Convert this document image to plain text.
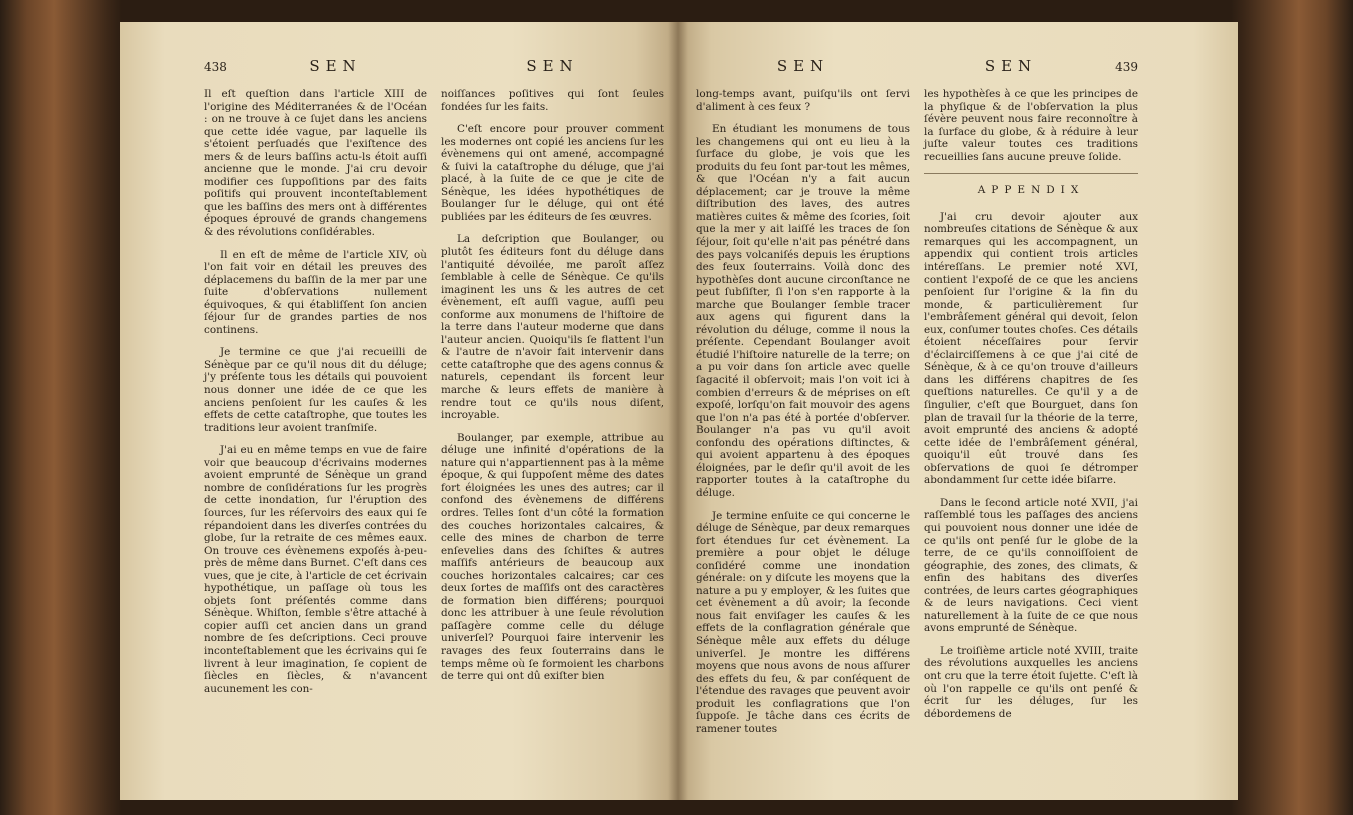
438	SEN

Il eſt queſtion dans l'article XIII de l'origine des Méditerranées & de l'Océan : on ne trouve à ce ſujet dans les anciens que cette idée vague, par laquelle ils s'étoient perſuadés que l'exiſtence des mers & de leurs baſſins actu-ls étoit auſſi ancienne que le monde. J'ai cru devoir modifier ces ſuppoſitions par des faits poſitifs qui prouvent inconteſtablement que les baſſins des mers ont à différentes époques éprouvé de grands changemens & des révolutions conſidérables.

Il en eſt de même de l'article XIV, où l'on fait voir en détail les preuves des déplacemens du baſſin de la mer par une ſuite d'obſervations nullement équivoques, & qui établiſſent ſon ancien ſéjour ſur de grandes parties de nos continens.

Je termine ce que j'ai recueilli de Sénèque par ce qu'il nous dit du déluge; j'y préſente tous les détails qui pouvoient nous donner une idée de ce que les anciens penſoient ſur les cauſes & les effets de cette cataſtrophe, que toutes les traditions leur avoient tranſmiſe.

J'ai eu en même temps en vue de faire voir que beaucoup d'écrivains modernes avoient emprunté de Sénèque un grand nombre de conſidérations ſur les progrès de cette inondation, ſur l'éruption des ſources, ſur les réſervoirs des eaux qui ſe répandoient dans les diverſes contrées du globe, ſur la retraite de ces mêmes eaux. On trouve ces évènemens expoſés à-peu-près de même dans Burnet. C'eſt dans ces vues, que je cite, à l'article de cet écrivain hypothétique, un paſſage où tous les objets ſont préſentés comme dans Sénèque. Whiſton, ſemble s'être attaché à copier auſſi cet ancien dans un grand nombre de ſes deſcriptions. Ceci prouve inconteſtablement que les écrivains qui ſe livrent à leur imagination, ſe copient de ſiècles en ſiècles, & n'avancent aucunement les con-

SEN

noiſſances poſitives qui ſont ſeules fondées ſur les faits.

C'eſt encore pour prouver comment les modernes ont copié les anciens ſur les évènemens qui ont amené, accompagné & ſuivi la cataſtrophe du déluge, que j'ai placé, à la ſuite de ce que je cite de Sénèque, les idées hypothétiques de Boulanger ſur le déluge, qui ont été publiées par les éditeurs de ſes œuvres.

La deſcription que Boulanger, ou plutôt ſes éditeurs font du déluge dans l'antiquité dévoilée, me paroît aſſez ſemblable à celle de Sénèque. Ce qu'ils imaginent les uns & les autres de cet évènement, eſt auſſi vague, auſſi peu conforme aux monumens de l'hiſtoire de la terre dans l'auteur moderne que dans l'auteur ancien. Quoiqu'ils ſe flattent l'un & l'autre de n'avoir fait intervenir dans cette cataſtrophe que des agens connus & naturels, cependant ils forcent leur marche & leurs effets de manière à rendre tout ce qu'ils nous diſent, incroyable.

Boulanger, par exemple, attribue au déluge une infinité d'opérations de la nature qui n'appartiennent pas à la même époque, & qui ſuppoſent même des dates fort éloignées les unes des autres; car il confond des évènemens de différens ordres. Telles ſont d'un côté la formation des couches horizontales calcaires, & celle des mines de charbon de terre enſevelies dans des ſchiſtes & autres maſſifs antérieurs de beaucoup aux couches horizontales calcaires; car ces deux ſortes de maſſifs ont des caractères de formation bien différens; pourquoi donc les attribuer à une ſeule révolution paſſagère comme celle du déluge univerſel? Pourquoi faire intervenir les ravages des feux ſouterrains dans le temps même où ſe formoient les charbons de terre qui ont dû exiſter bien

SEN

long-temps avant, puiſqu'ils ont ſervi d'aliment à ces feux ?

En étudiant les monumens de tous les changemens qui ont eu lieu à la ſurface du globe, je vois que les produits du feu ſont par-tout les mêmes, & que l'Océan n'y a fait aucun déplacement; car je trouve la même diſtribution des laves, des autres matières cuites & même des ſcories, ſoit que la mer y ait laiſſé les traces de ſon ſéjour, ſoit qu'elle n'ait pas pénétré dans des pays volcaniſés depuis les éruptions des feux ſouterrains. Voilà donc des hypothèſes dont aucune circonſtance ne peut ſubſiſter, ſi l'on s'en rapporte à la marche que Boulanger ſemble tracer aux agens qui figurent dans la révolution du déluge, comme il nous la préſente. Cependant Boulanger avoit étudié l'hiſtoire naturelle de la terre; on a pu voir dans ſon article avec quelle ſagacité il obſervoit; mais l'on voit ici à combien d'erreurs & de méprises on eſt expoſé, lorſqu'on fait mouvoir des agens que l'on n'a pas été à portée d'obſerver. Boulanger n'a pas vu qu'il avoit confondu des opérations diſtinctes, & qui avoient appartenu à des époques éloignées, par le deſir qu'il avoit de les rapporter toutes à la cataſtrophe du déluge.

Je termine enſuite ce qui concerne le déluge de Sénèque, par deux remarques fort étendues ſur cet évènement. La première a pour objet le déluge conſidéré comme une inondation générale: on y diſcute les moyens que la nature a pu y employer, & les ſuites que cet évènement a dû avoir; la ſeconde nous fait enviſager les cauſes & les effets de la conflagration générale que Sénèque mêle aux effets du déluge univerſel. Je montre les différens moyens que nous avons de nous aſſurer des effets du feu, & par conſéquent de l'étendue des ravages que peuvent avoir produit les conflagrations que l'on ſuppoſe. Je tâche dans ces écrits de ramener toutes

SEN	439

les hypothèſes à ce que les principes de la phyſique & de l'obſervation la plus ſévère peuvent nous faire reconnoître à la ſurface du globe, & à réduire à leur juſte valeur toutes ces traditions recueillies ſans aucune preuve ſolide.

APPENDIX

J'ai cru devoir ajouter aux nombreuſes citations de Sénèque & aux remarques qui les accompagnent, un appendix qui contient trois articles intéreſſans. Le premier noté XVI, contient l'expoſé de ce que les anciens penſoient ſur l'origine & la fin du monde, & particulièrement ſur l'embrâſement général qui devoit, ſelon eux, conſumer toutes choſes. Ces détails étoient néceſſaires pour ſervir d'éclairciſſemens à ce que j'ai cité de Sénèque, & à ce qu'on trouve d'ailleurs dans les différens chapitres de ſes queſtions naturelles. Ce qu'il y a de ſingulier, c'eſt que Bourguet, dans ſon plan de travail ſur la théorie de la terre, avoit emprunté des anciens & adopté cette idée de l'embrâſement général, quoiqu'il eût trouvé dans ſes obſervations de quoi ſe détromper abondamment ſur cette idée biſarre.

Dans le ſecond article noté XVII, j'ai raſſemblé tous les paſſages des anciens qui pouvoient nous donner une idée de ce qu'ils ont penſé ſur le globe de la terre, de ce qu'ils connoiſſoient de géographie, des zones, des climats, & enfin des habitans des diverſes contrées, de leurs cartes géographiques & de leurs navigations. Ceci vient naturellement à la ſuite de ce que nous avons emprunté de Sénèque.

Le troiſième article noté XVIII, traite des révolutions auxquelles les anciens ont cru que la terre étoit ſujette. C'eſt là où l'on rappelle ce qu'ils ont penſé & écrit ſur les déluges, ſur les débordemens de
